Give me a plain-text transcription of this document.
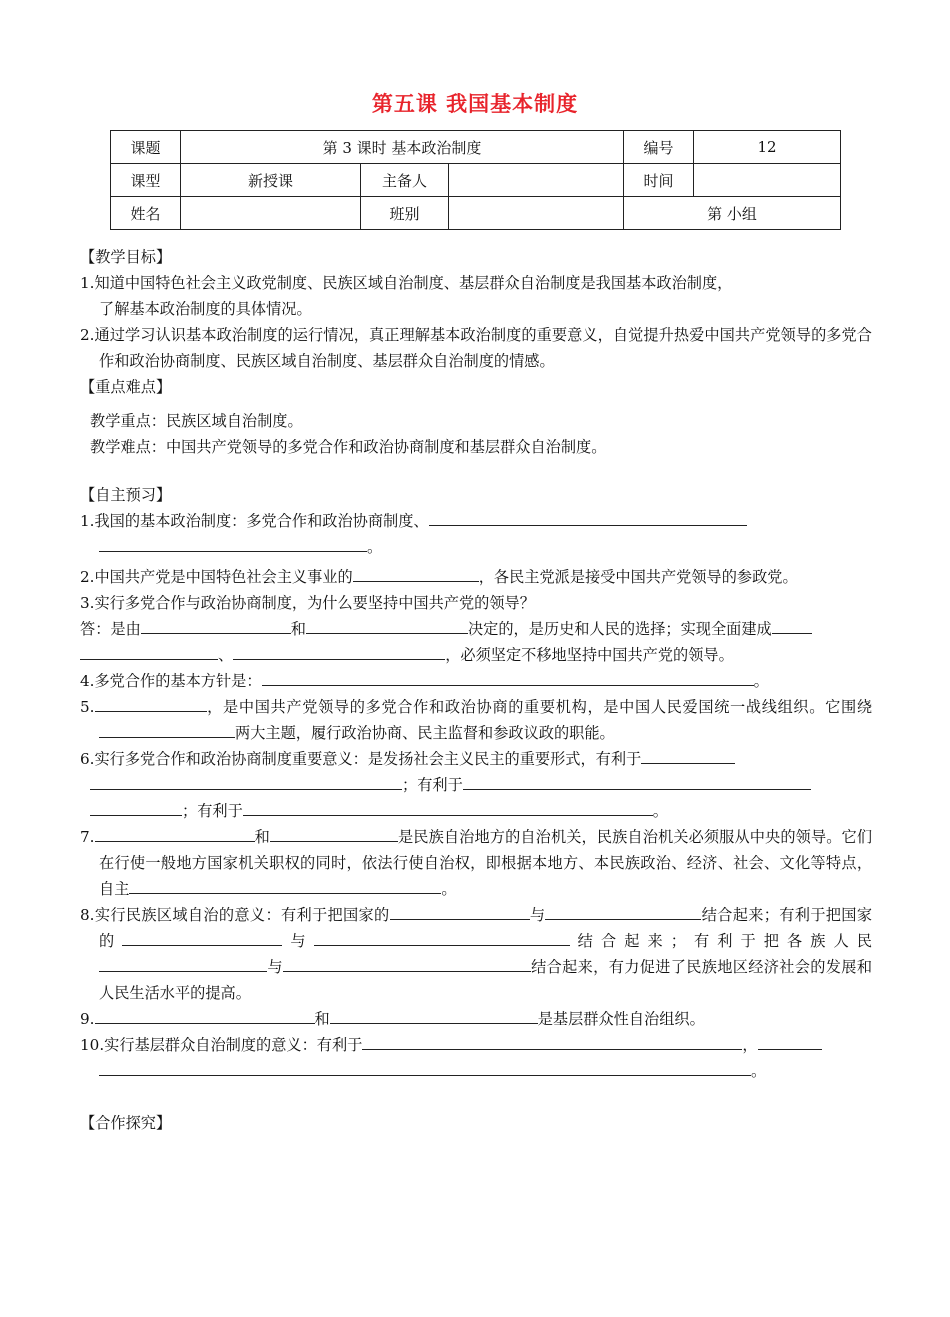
第五课 我国基本制度
课题	第 3 课时 基本政治制度			编号	12
课型	新授课	主备人		时间	
姓名		班别		第 小组	
【教学目标】
1.知道中国特色社会主义政党制度、民族区域自治制度、基层群众自治制度是我国基本政治制度，
了解基本政治制度的具体情况。
2.通过学习认识基本政治制度的运行情况，真正理解基本政治制度的重要意义，自觉提升热爱中国共产党领导的多党合作和政治协商制度、民族区域自治制度、基层群众自治制度的情感。
【重点难点】
教学重点：民族区域自治制度。
教学难点：中国共产党领导的多党合作和政治协商制度和基层群众自治制度。
【自主预习】
1.我国的基本政治制度：多党合作和政治协商制度、
。
2.中国共产党是中国特色社会主义事业的	，各民主党派是接受中国共产党领导的参政党。
3.实行多党合作与政治协商制度，为什么要坚持中国共产党的领导？
答：是由	和	决定的，是历史和人民的选择；实现全面建成
、	，必须坚定不移地坚持中国共产党的领导。
4.多党合作的基本方针是：	。
5.	，是中国共产党领导的多党合作和政治协商的重要机构，是中国人民爱国统一战线组织。它围绕两大主题，履行政治协商、民主监督和参政议政的职能。
6.实行多党合作和政治协商制度重要意义：是发扬社会主义民主的重要形式，有利于
；有利于
；有利于	。
7.	和	是民族自治地方的自治机关，民族自治机关必须服从中央的领导。它们在行使一般地方国家机关职权的同时，依法行使自治权，即根据本地方、本民族政治、经济、社会、文化等特点，自主	。
8.实行民族区域自治的意义：有利于把国家的	与	结合起来；有利于把国家的	与	结合起来；有利于把各族人民与	结合起来，有力促进了民族地区经济社会的发展和人民生活水平的提高。
9.	和	是基层群众性自治组织。
10.实行基层群众自治制度的意义：有利于	，
。
【合作探究】
